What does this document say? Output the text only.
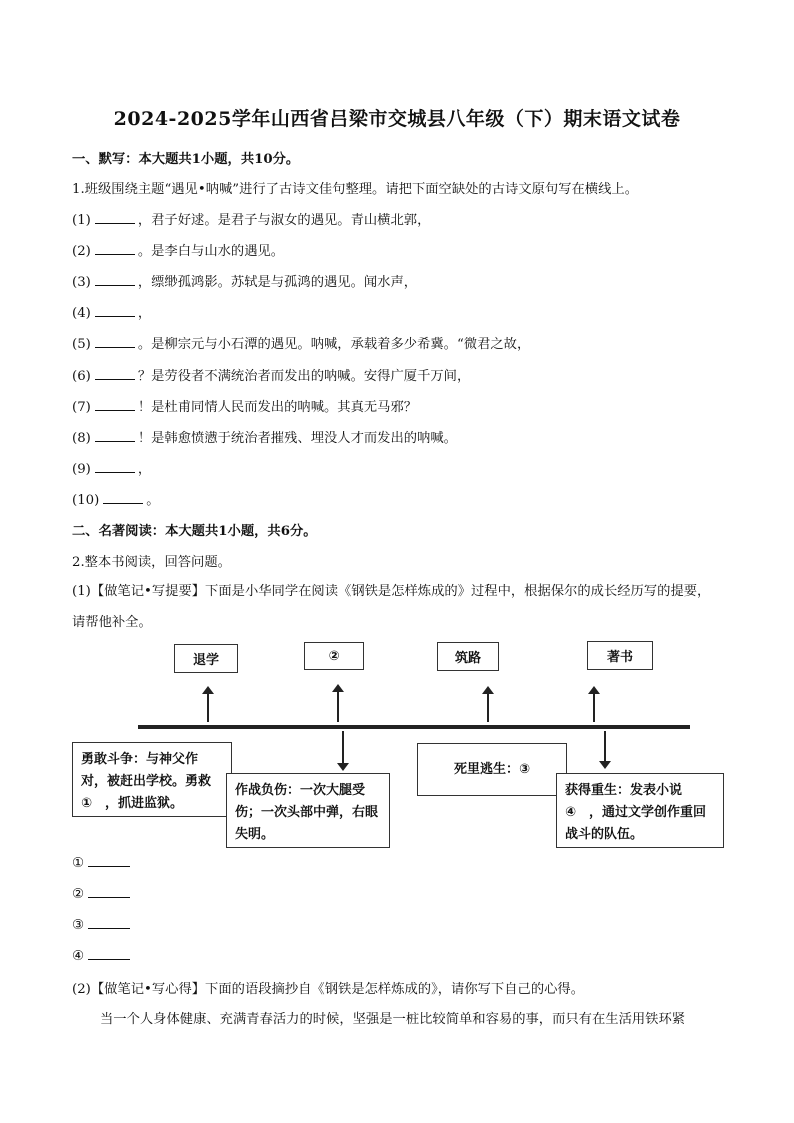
2024-2025学年山西省吕梁市交城县八年级（下）期末语文试卷
一、默写：本大题共1小题，共10分。
1.班级围绕主题“遇见•呐喊”进行了古诗文佳句整理。请把下面空缺处的古诗文原句写在横线上。
(1)	，君子好逑。是君子与淑女的遇见。青山横北郭，
(2)	。是李白与山水的遇见。
(3)	，缥缈孤鸿影。苏轼是与孤鸿的遇见。闻水声，
(4)	，
(5)	。是柳宗元与小石潭的遇见。呐喊，承载着多少希冀。“微君之故，
(6)	？是劳役者不满统治者而发出的呐喊。安得广厦千万间，
(7)	！是杜甫同情人民而发出的呐喊。其真无马邪？
(8)	！是韩愈愤懑于统治者摧残、埋没人才而发出的呐喊。
(9)	，
(10)	。
二、名著阅读：本大题共1小题，共6分。
2.整本书阅读，回答问题。
(1)【做笔记•写提要】下面是小华同学在阅读《钢铁是怎样炼成的》过程中，根据保尔的成长经历写的提要，请帮他补全。
退学	②	筑路	著书
勇敢斗争：与神父作对，被赶出学校。勇救①　，抓进监狱。
作战负伤：一次大腿受伤；一次头部中弹，右眼失明。
死里逃生：③
获得重生：发表小说④　，通过文学创作重回战斗的队伍。
①
②
③
④
(2)【做笔记•写心得】下面的语段摘抄自《钢铁是怎样炼成的》，请你写下自己的心得。
当一个人身体健康、充满青春活力的时候，坚强是一桩比较简单和容易的事，而只有在生活用铁环紧
